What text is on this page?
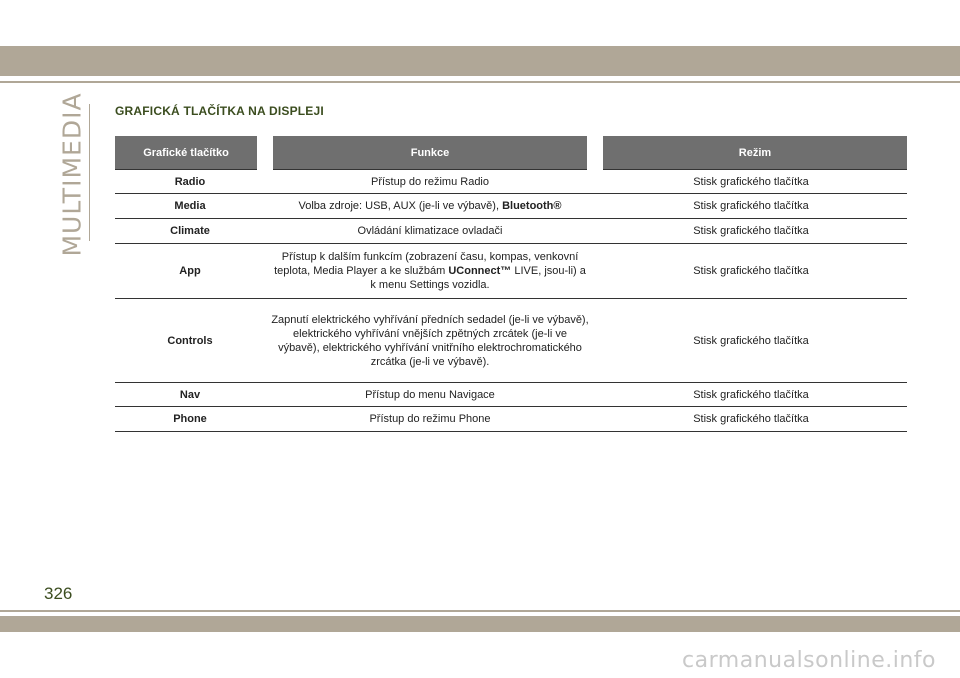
MULTIMEDIA GRAFICKÁ TLAČÍTKA NA DISPLEJI
Grafické tlačítko	Funkce	Režim
Radio	Přístup do režimu Radio	Stisk grafického tlačítka
Media	Volba zdroje: USB, AUX (je-li ve výbavě), Bluetooth®	Stisk grafického tlačítka
Climate	Ovládání klimatizace ovladači	Stisk grafického tlačítka
App	Přístup k dalším funkcím (zobrazení času, kompas, venkovní teplota, Media Player a ke službám UConnect™ LIVE, jsou-li) a k menu Settings vozidla.	Stisk grafického tlačítka
Controls	Zapnutí elektrického vyhřívání předních sedadel (je-li ve výbavě), elektrického vyhřívání vnějších zpětných zrcátek (je-li ve výbavě), elektrického vyhřívání vnitřního elektrochromatického zrcátka (je-li ve výbavě).	Stisk grafického tlačítka
Nav	Přístup do menu Navigace	Stisk grafického tlačítka
Phone	Přístup do režimu Phone	Stisk grafického tlačítka
326
carmanualsonline.info
